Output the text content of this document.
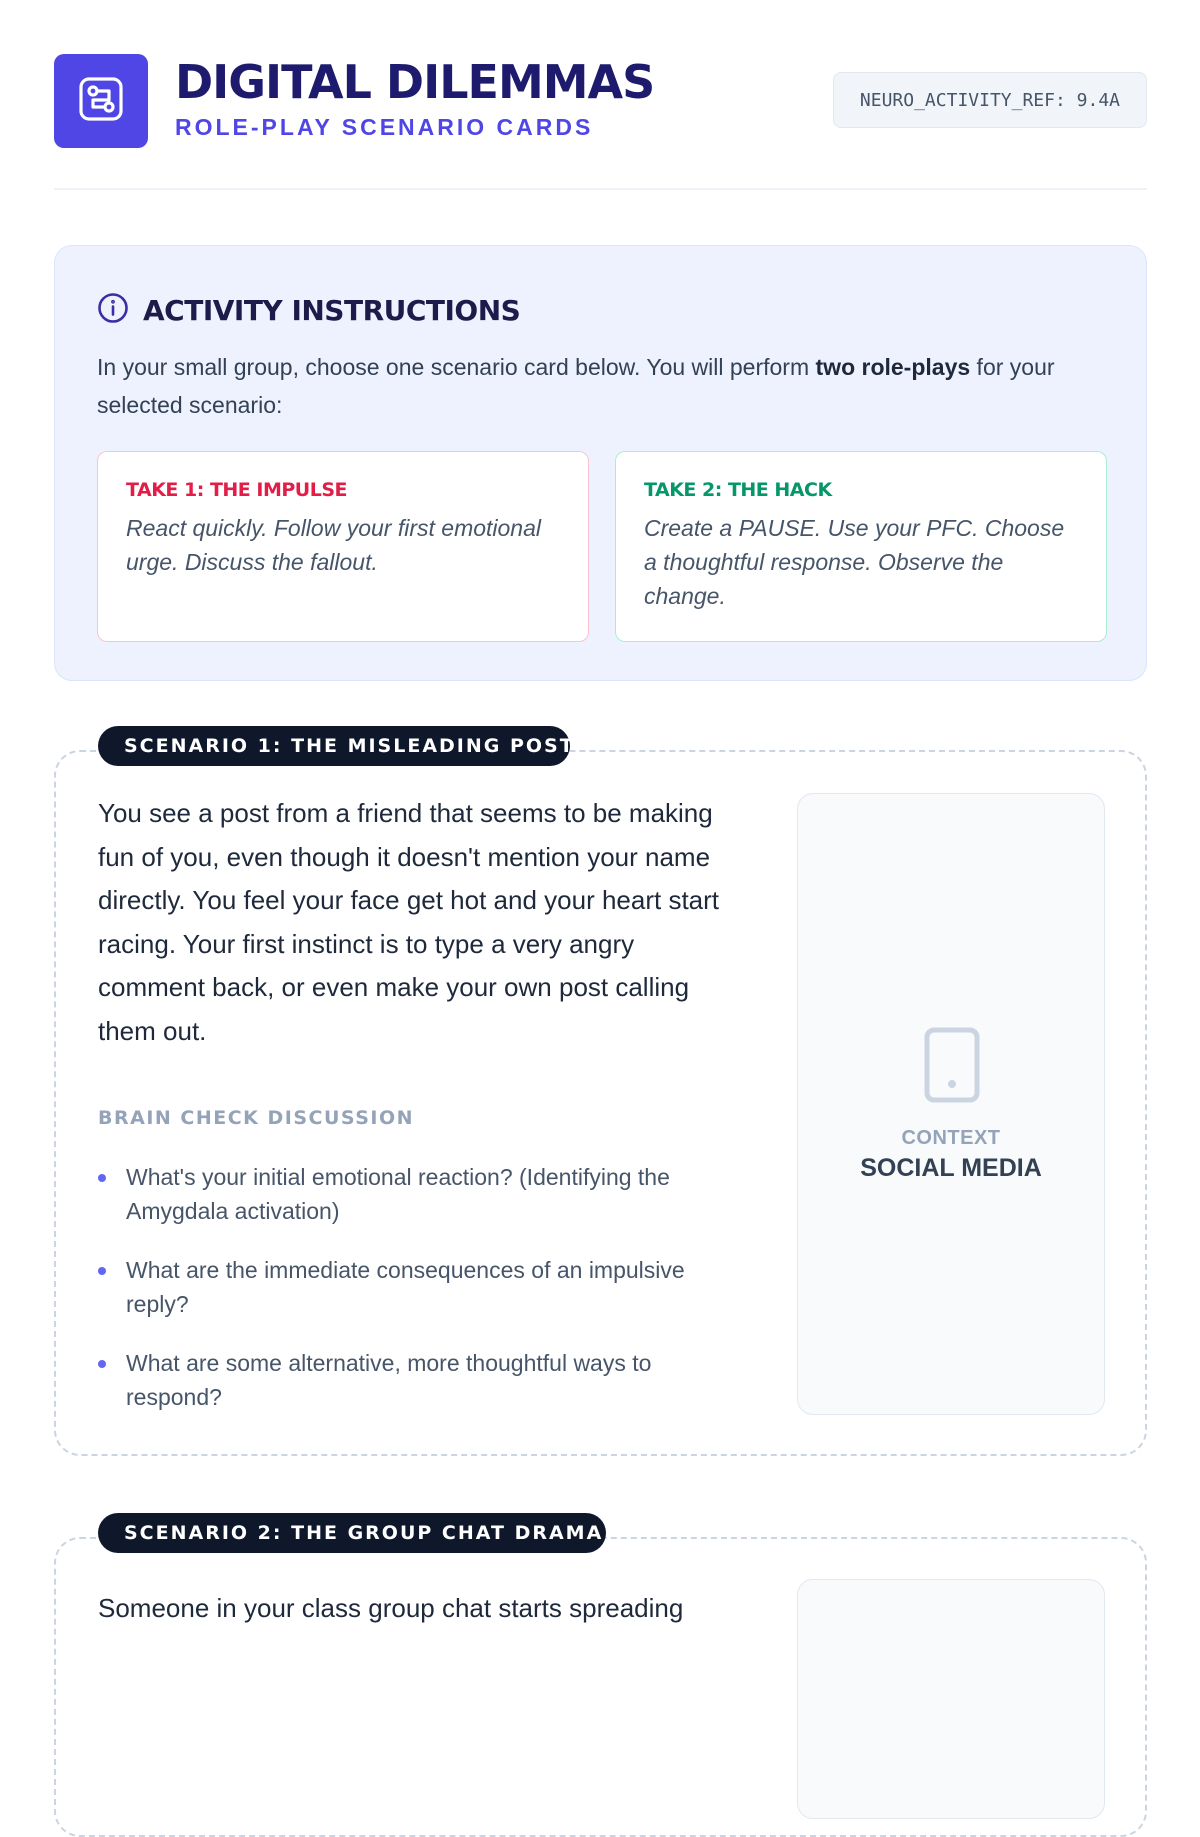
DIGITAL DILEMMAS
ROLE-PLAY SCENARIO CARDS
NEURO_ACTIVITY_REF: 9.4A
ACTIVITY INSTRUCTIONS

In your small group, choose one scenario card below. You will perform two role-plays for your selected scenario:

TAKE 1: THE IMPULSE
React quickly. Follow your first emotional urge. Discuss the fallout.
TAKE 2: THE HACK
Create a PAUSE. Use your PFC. Choose a thoughtful response. Observe the change.
SCENARIO 1: THE MISLEADING POST

You see a post from a friend that seems to be making fun of you, even though it doesn't mention your name directly. You feel your face get hot and your heart start racing. Your first instinct is to type a very angry comment back, or even make your own post calling them out.

BRAIN CHECK DISCUSSION
What's your initial emotional reaction? (Identifying the Amygdala activation)
What are the immediate consequences of an impulsive reply?
What are some alternative, more thoughtful ways to respond?
CONTEXT
SOCIAL MEDIA
SCENARIO 2: THE GROUP CHAT DRAMA

Someone in your class group chat starts spreading
